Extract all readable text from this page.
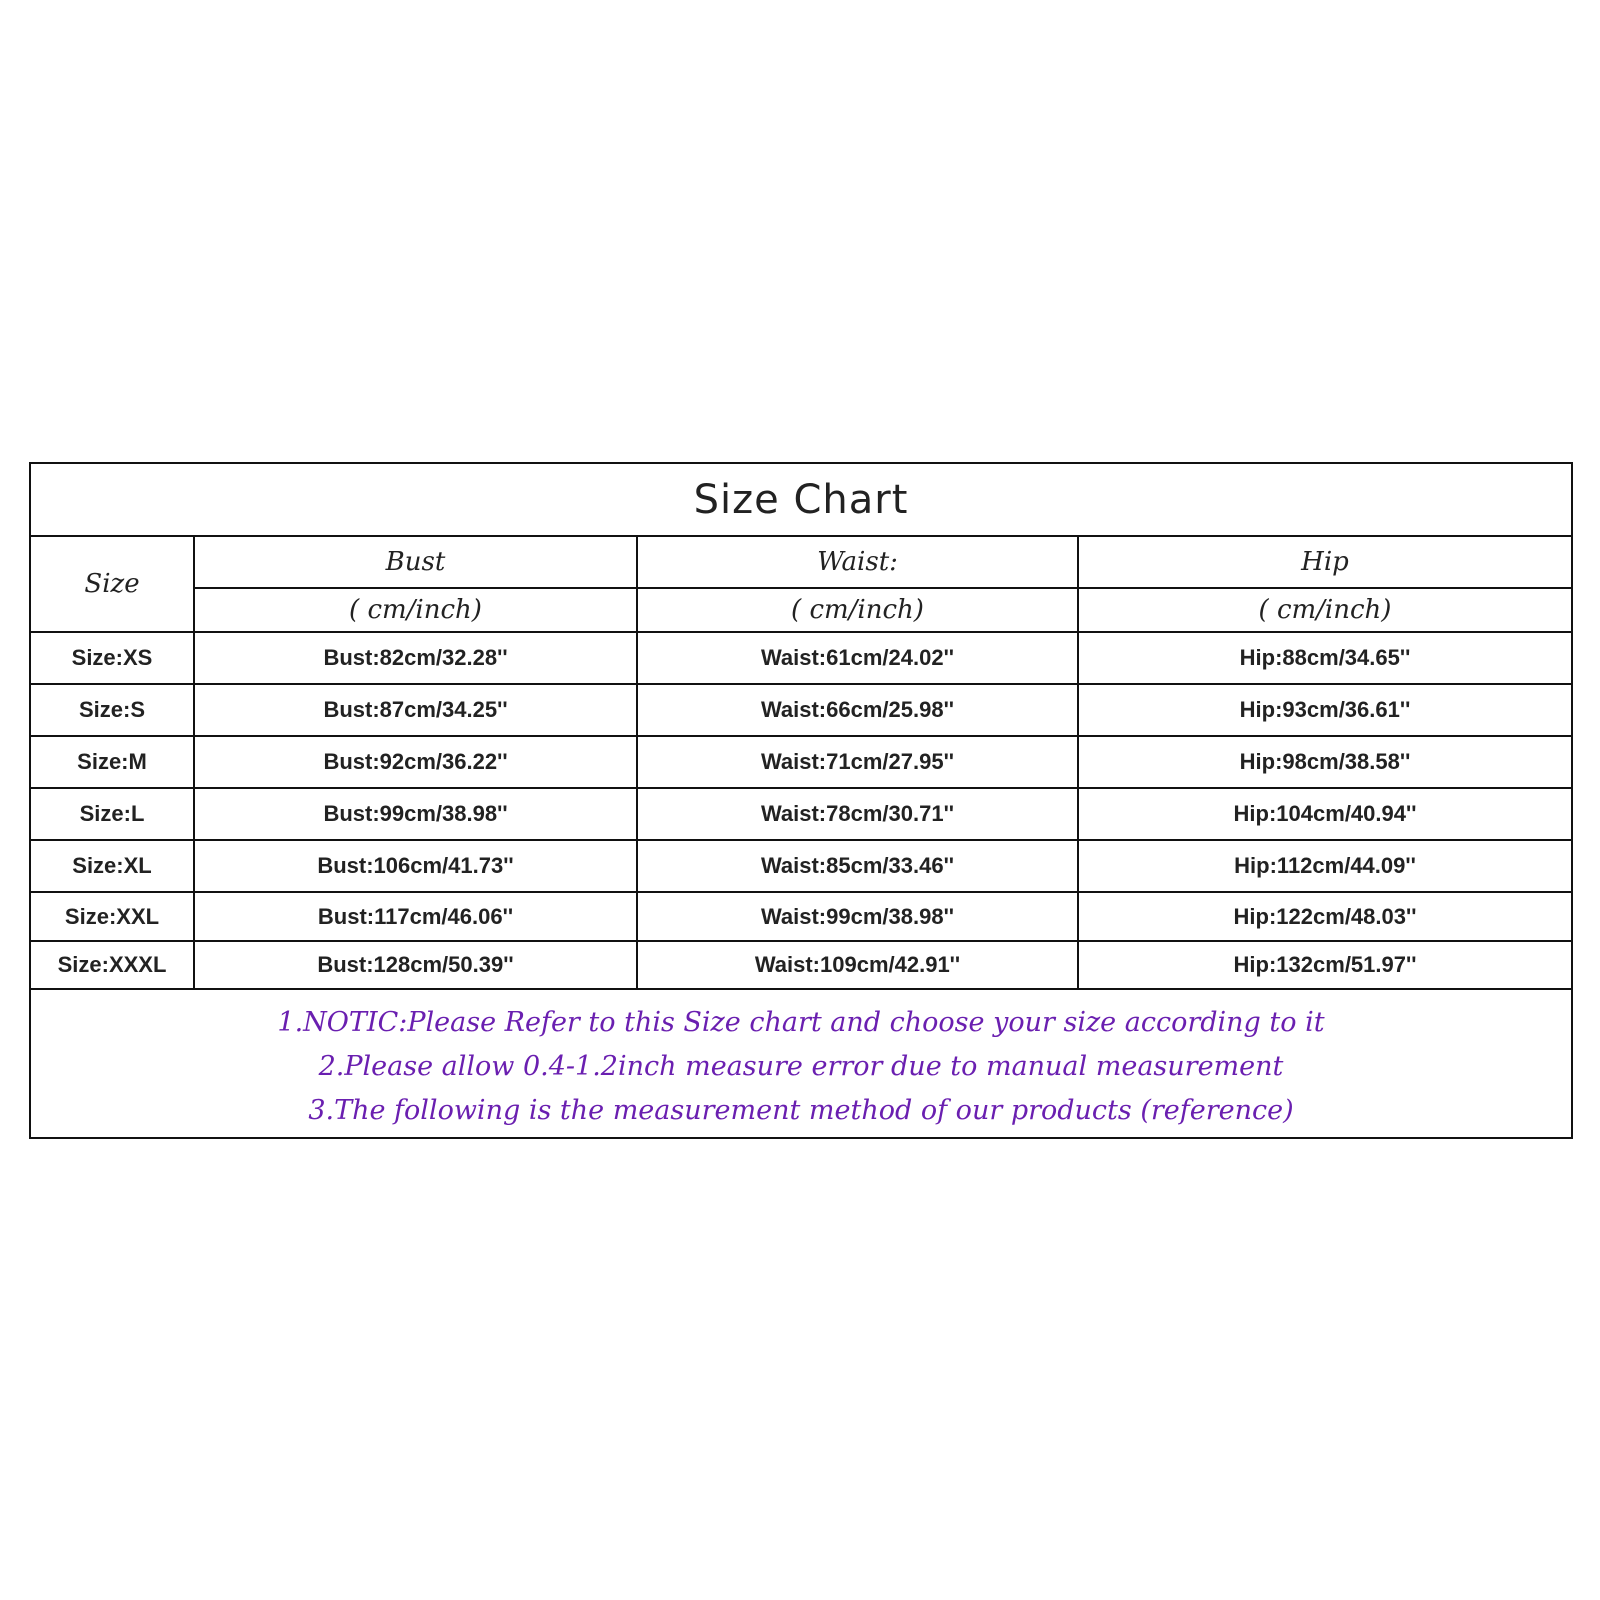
Size Chart			
Size	Bust	Waist:	Hip
	( cm/inch)	( cm/inch)	( cm/inch)
Size:XS	Bust:82cm/32.28''	Waist:61cm/24.02''	Hip:88cm/34.65''
Size:S	Bust:87cm/34.25''	Waist:66cm/25.98''	Hip:93cm/36.61''
Size:M	Bust:92cm/36.22''	Waist:71cm/27.95''	Hip:98cm/38.58''
Size:L	Bust:99cm/38.98''	Waist:78cm/30.71''	Hip:104cm/40.94''
Size:XL	Bust:106cm/41.73''	Waist:85cm/33.46''	Hip:112cm/44.09''
Size:XXL	Bust:117cm/46.06''	Waist:99cm/38.98''	Hip:122cm/48.03''
Size:XXXL	Bust:128cm/50.39''	Waist:109cm/42.91''	Hip:132cm/51.97''

1.NOTIC:Please Refer to this Size chart and choose your size according to it
2.Please allow 0.4-1.2inch measure error due to manual measurement
3.The following is the measurement method of our products (reference)			
